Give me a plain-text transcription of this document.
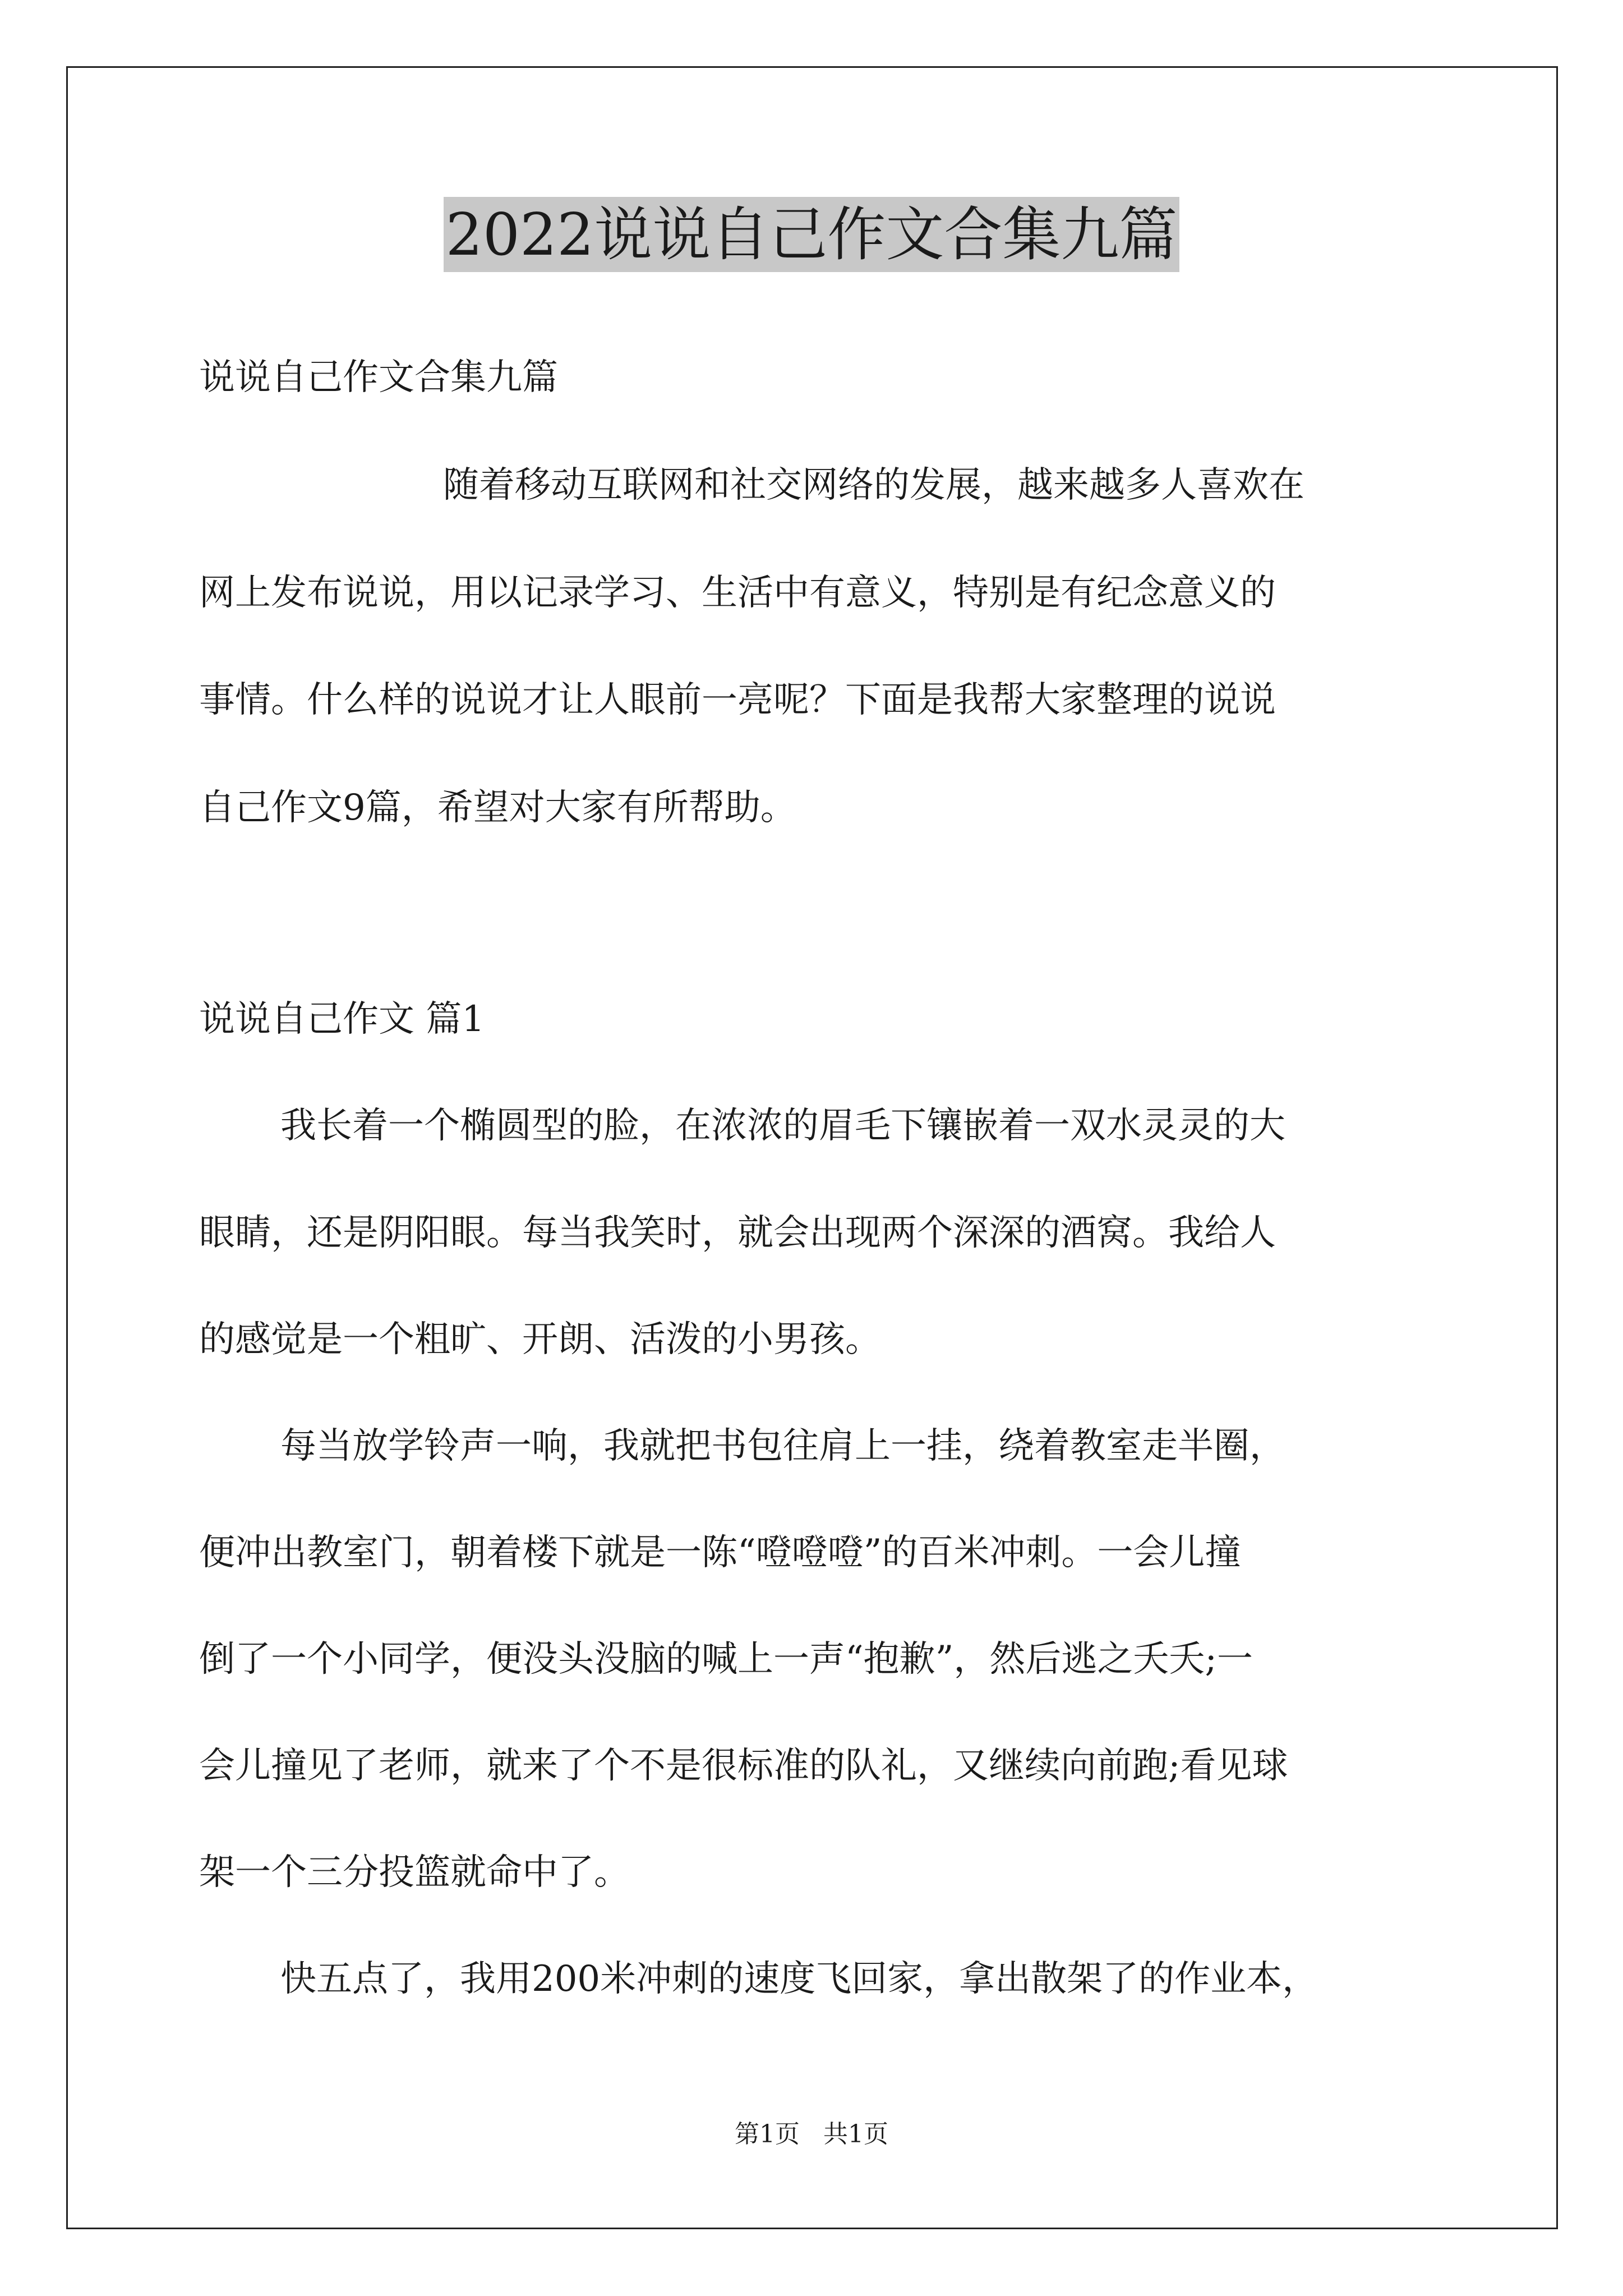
2022说说自己作文合集九篇
说说自己作文合集九篇
随着移动互联网和社交网络的发展，越来越多人喜欢在
网上发布说说，用以记录学习、生活中有意义，特别是有纪念意义的
事情。什么样的说说才让人眼前一亮呢？下面是我帮大家整理的说说
自己作文9篇，希望对大家有所帮助。
说说自己作文 篇1
我长着一个椭圆型的脸，在浓浓的眉毛下镶嵌着一双水灵灵的大
眼睛，还是阴阳眼。每当我笑时，就会出现两个深深的酒窝。我给人
的感觉是一个粗旷、开朗、活泼的小男孩。
每当放学铃声一响，我就把书包往肩上一挂，绕着教室走半圈，
便冲出教室门，朝着楼下就是一陈“噔噔噔”的百米冲刺。一会儿撞
倒了一个小同学，便没头没脑的喊上一声“抱歉”，然后逃之夭夭;一
会儿撞见了老师，就来了个不是很标准的队礼，又继续向前跑;看见球
架一个三分投篮就命中了。
快五点了，我用200米冲刺的速度飞回家，拿出散架了的作业本，
第1页 共1页
